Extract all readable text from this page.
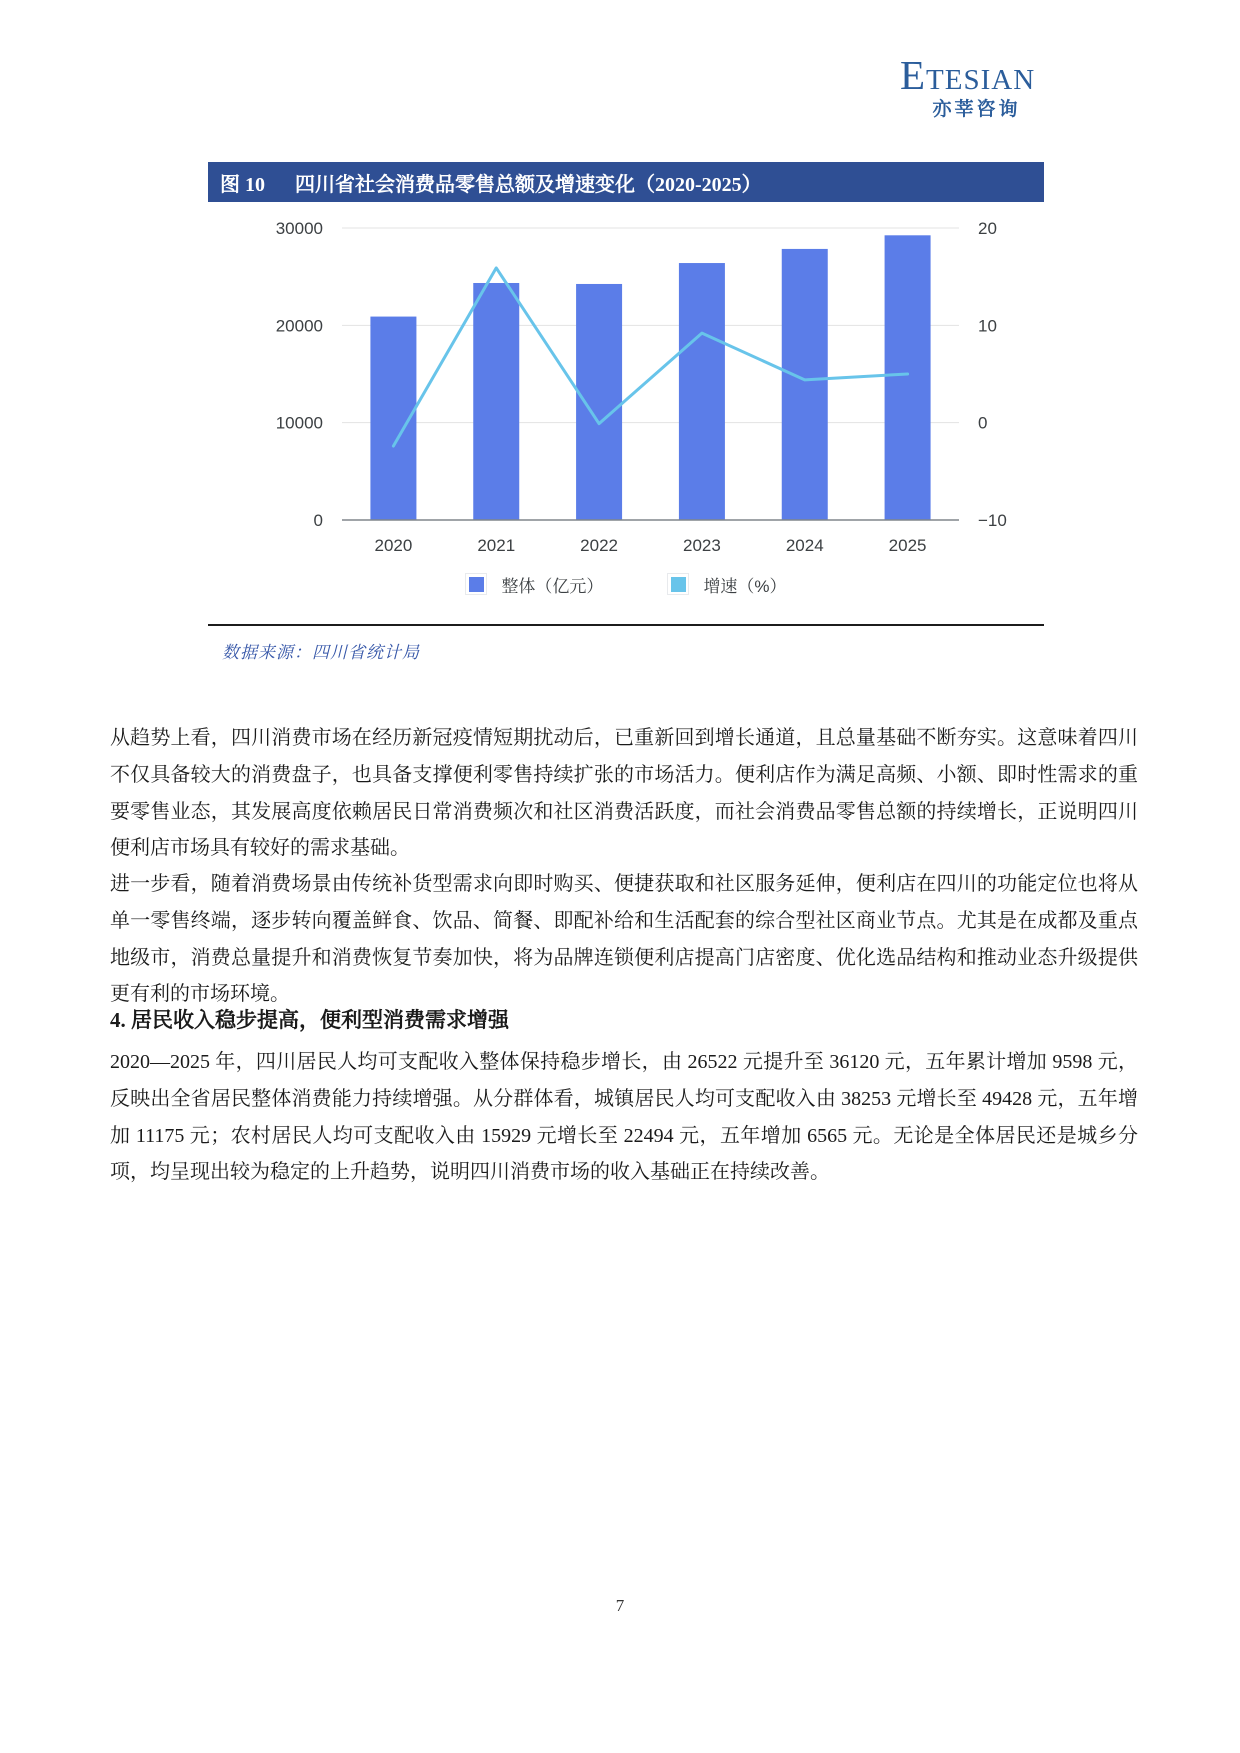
ETESIAN
亦莘咨询
图 10 四川省社会消费品零售总额及增速变化（2020-2025）
0
10000
20000
30000
−10
0
10
20
2020	2021	2022	2023	2024	2025
整体（亿元）	增速（%）
数据来源：四川省统计局

从趋势上看，四川消费市场在经历新冠疫情短期扰动后，已重新回到增长通道，且总量基础不断夯实。这意味着四川不仅具备较大的消费盘子，也具备支撑便利零售持续扩张的市场活力。便利店作为满足高频、小额、即时性需求的重要零售业态，其发展高度依赖居民日常消费频次和社区消费活跃度，而社会消费品零售总额的持续增长，正说明四川便利店市场具有较好的需求基础。

进一步看，随着消费场景由传统补货型需求向即时购买、便捷获取和社区服务延伸，便利店在四川的功能定位也将从单一零售终端，逐步转向覆盖鲜食、饮品、简餐、即配补给和生活配套的综合型社区商业节点。尤其是在成都及重点地级市，消费总量提升和消费恢复节奏加快，将为品牌连锁便利店提高门店密度、优化选品结构和推动业态升级提供更有利的市场环境。

4. 居民收入稳步提高，便利型消费需求增强

2020—2025 年，四川居民人均可支配收入整体保持稳步增长，由 26522 元提升至 36120 元，五年累计增加 9598 元，反映出全省居民整体消费能力持续增强。从分群体看，城镇居民人均可支配收入由 38253 元增长至 49428 元，五年增加 11175 元；农村居民人均可支配收入由 15929 元增长至 22494 元，五年增加 6565 元。无论是全体居民还是城乡分项，均呈现出较为稳定的上升趋势，说明四川消费市场的收入基础正在持续改善。

7
